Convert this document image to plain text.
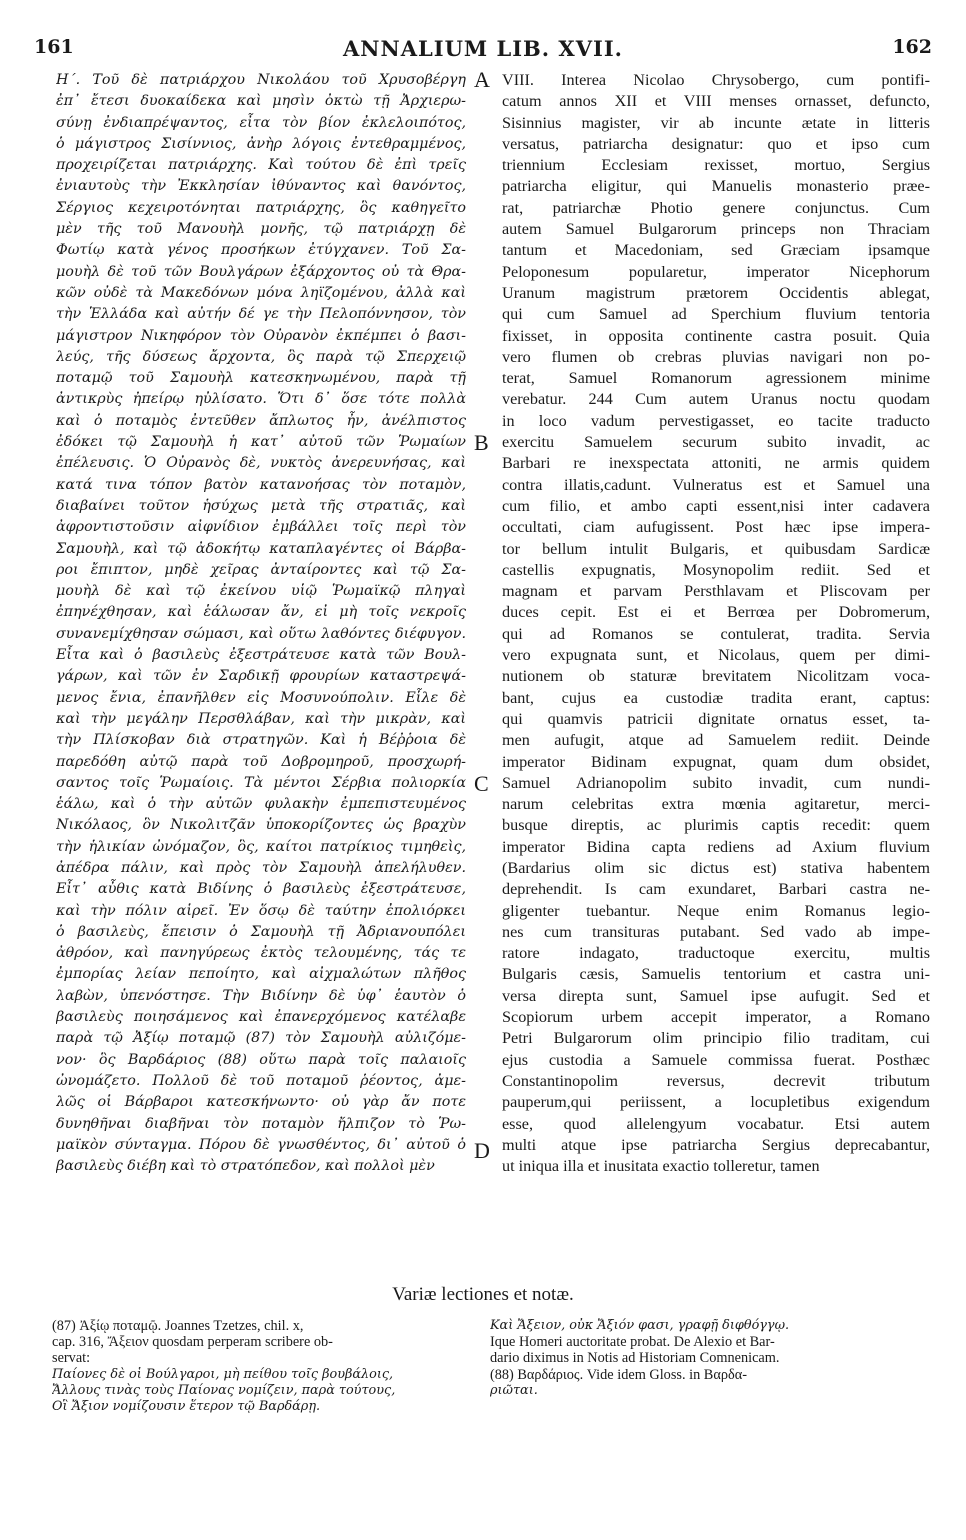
161	ANNALIUM LIB. XVII.	162
Η΄. Τοῦ δὲ πατριάρχου Νικολάου τοῦ Χρυσοβέργη
ἐπ᾽ ἔτεσι δυοκαίδεκα καὶ μησὶν ὀκτὼ τῇ Ἀρχιερω-
σύνῃ ἐνδιαπρέψαντος, εἶτα τὸν βίον ἐκλελοιπότος,
ὁ μάγιστρος Σισίννιος, ἀνὴρ λόγοις ἐντεθραμμένος,
προχειρίζεται πατριάρχης. Καὶ τούτου δὲ ἐπὶ τρεῖς
ἐνιαυτοὺς τὴν Ἐκκλησίαν ἰθύναντος καὶ θανόντος,
Σέργιος κεχειροτόνηται πατριάρχης, ὃς καθηγεῖτο
μὲν τῆς τοῦ Μανουὴλ μονῆς, τῷ πατριάρχῃ δὲ
Φωτίῳ κατὰ γένος προσήκων ἐτύγχανεν. Τοῦ Σα-
μουὴλ δὲ τοῦ τῶν Βουλγάρων ἐξάρχοντος οὐ τὰ Θρα-
κῶν οὐδὲ τὰ Μακεδόνων μόνα ληϊζομένου, ἀλλὰ καὶ
τὴν Ἑλλάδα καὶ αὐτήν δέ γε τὴν Πελοπόννησον, τὸν
μάγιστρον Νικηφόρον τὸν Οὐρανὸν ἐκπέμπει ὁ βασι-
λεύς, τῆς δύσεως ἄρχοντα, ὃς παρὰ τῷ Σπερχειῷ
ποταμῷ τοῦ Σαμουὴλ κατεσκηνωμένου, παρὰ τῇ
ἀντικρὺς ἠπείρῳ ηὐλίσατο. Ὅτι δ᾽ ὅσε τότε πολλὰ
καὶ ὁ ποταμὸς ἐντεῦθεν ἄπλωτος ἦν, ἀνέλπιστος
ἐδόκει τῷ Σαμουὴλ ἡ κατ᾽ αὐτοῦ τῶν Ῥωμαίων
ἐπέλευσις. Ὁ Οὐρανὸς δὲ, νυκτὸς ἀνερευνήσας, καὶ
κατά τινα τόπον βατὸν κατανοήσας τὸν ποταμὸν,
διαβαίνει τοῦτον ἡσύχως μετὰ τῆς στρατιᾶς, καὶ
ἀφροντιστοῦσιν αἰφνίδιον ἐμβάλλει τοῖς περὶ τὸν
Σαμουὴλ, καὶ τῷ ἀδοκήτῳ καταπλαγέντες οἱ Βάρβα-
ροι ἔπιπτον, μηδὲ χεῖρας ἀνταίροντες καὶ τῷ Σα-
μουὴλ δὲ καὶ τῷ ἐκείνου υἱῷ Ῥωμαϊκῷ πληγαὶ
ἐπηνέχθησαν, καὶ ἑάλωσαν ἄν, εἰ μὴ τοῖς νεκροῖς
συνανεμίχθησαν σώμασι, καὶ οὕτω λαθόντες διέφυγον.
Εἶτα καὶ ὁ βασιλεὺς ἐξεστράτευσε κατὰ τῶν Βουλ-
γάρων, καὶ τῶν ἐν Σαρδικῇ φρουρίων καταστρεψά-
μενος ἔνια, ἐπανῆλθεν εἰς Μοσυνούπολιν. Εἷλε δὲ
καὶ τὴν μεγάλην Περσθλάβαν, καὶ τὴν μικρὰν, καὶ
τὴν Πλίσκοβαν διὰ στρατηγῶν. Καὶ ἡ Βέῤῥοια δὲ
παρεδόθη αὐτῷ παρὰ τοῦ Δοβρομηροῦ, προσχωρή-
σαντος τοῖς Ῥωμαίοις. Τὰ μέντοι Σέρβια πολιορκία
ἑάλω, καὶ ὁ τὴν αὐτῶν φυλακὴν ἐμπεπιστευμένος
Νικόλαος, ὃν Νικολιτζᾶν ὑποκορίζοντες ὡς βραχὺν
τὴν ἡλικίαν ὠνόμαζον, ὃς, καίτοι πατρίκιος τιμηθεὶς,
ἀπέδρα πάλιν, καὶ πρὸς τὸν Σαμουὴλ ἀπελήλυθεν.
Εἶτ᾽ αὖθις κατὰ Βιδίνης ὁ βασιλεὺς ἐξεστράτευσε,
καὶ τὴν πόλιν αἱρεῖ. Ἐν ὅσῳ δὲ ταύτην ἐπολιόρκει
ὁ βασιλεὺς, ἔπεισιν ὁ Σαμουὴλ τῇ Ἀδριανουπόλει
ἀθρόον, καὶ πανηγύρεως ἐκτὸς τελουμένης, τάς τε
ἐμπορίας λείαν πεποίητο, καὶ αἰχμαλώτων πλῆθος
λαβὼν, ὑπενόστησε. Τὴν Βιδίνην δὲ ὑφ᾽ ἑαυτὸν ὁ
βασιλεὺς ποιησάμενος καὶ ἐπανερχόμενος κατέλαβε
παρὰ τῷ Ἀξίῳ ποταμῷ (87) τὸν Σαμουὴλ αὐλιζόμε-
νον· ὃς Βαρδάριος (88) οὕτω παρὰ τοῖς παλαιοῖς
ὠνομάζετο. Πολλοῦ δὲ τοῦ ποταμοῦ ῥέοντος, ἀμε-
λῶς οἱ Βάρβαροι κατεσκήνωντο· οὐ γὰρ ἄν ποτε
δυνηθῆναι διαβῆναι τὸν ποταμὸν ἤλπιζον τὸ Ῥω-
μαϊκὸν σύνταγμα. Πόρου δὲ γνωσθέντος, δι᾽ αὐτοῦ ὁ
βασιλεὺς διέβη καὶ τὸ στρατόπεδον, καὶ πολλοὶ μὲν
VIII. Interea Nicolao Chrysobergo, cum pontifi-
catum annos XII et VIII menses ornasset, defuncto,
Sisinnius magister, vir ab incunte ætate in litteris
versatus, patriarcha designatur: quo et ipso cum
triennium Ecclesiam rexisset, mortuo, Sergius
patriarcha eligitur, qui Manuelis monasterio præe-
rat, patriarchæ Photio genere conjunctus. Cum
autem Samuel Bulgarorum princeps non Thraciam
tantum et Macedoniam, sed Græciam ipsamque
Peloponesum popularetur, imperator Nicephorum
Uranum magistrum prætorem Occidentis ablegat,
qui cum Samuel ad Sperchium fluvium tentoria
fixisset, in opposita continente castra posuit. Quia
vero flumen ob crebras pluvias navigari non po-
terat, Samuel Romanorum agressionem minime
verebatur. 244 Cum autem Uranus noctu quodam
in loco vadum pervestigasset, eo tacite traducto
exercitu Samuelem securum subito invadit, ac
Barbari re inexspectata attoniti, ne armis quidem
contra illatis,cadunt. Vulneratus est et Samuel una
cum filio, et ambo capti essent,nisi inter cadavera
occultati, ciam aufugissent. Post hæc ipse impera-
tor bellum intulit Bulgaris, et quibusdam Sardicæ
castellis expugnatis, Mosynopolim rediit. Sed et
magnam et parvam Persthlavam et Pliscovam per
duces cepit. Est ei et Berrœa per Dobromerum,
qui ad Romanos se contulerat, tradita. Servia
vero expugnata sunt, et Nicolaus, quem per dimi-
nutionem ob staturæ brevitatem Nicolitzam voca-
bant, cujus ea custodiæ tradita erant, captus:
qui quamvis patricii dignitate ornatus esset, ta-
men aufugit, atque ad Samuelem rediit. Deinde
imperator Bidinam expugnat, quam dum obsidet,
Samuel Adrianopolim subito invadit, cum nundi-
narum celebritas extra mœnia agitaretur, merci-
busque direptis, ac plurimis captis recedit: quem
imperator Bidina capta rediens ad Axium fluvium
(Bardarius olim sic dictus est) stativa habentem
deprehendit. Is cam exundaret, Barbari castra ne-
gligenter tuebantur. Neque enim Romanus legio-
nes cum transituras putabant. Sed vado ab impe-
ratore indagato, traductoque exercitu, multis
Bulgaris cæsis, Samuelis tentorium et castra uni-
versa direpta sunt, Samuel ipse aufugit. Sed et
Scopiorum urbem accepit imperator, a Romano
Petri Bulgarorum olim principio filio traditam, cui
ejus custodia a Samuele commissa fuerat. Posthæc
Constantinopolim reversus, decrevit tributum
pauperum,qui periissent, a locupletibus exigendum
esse, quod allelengyum vocabatur. Etsi autem
multi atque ipse patriarcha Sergius deprecabantur,
ut iniqua illa et inusitata exactio tolleretur, tamen
A
B
C
D
Variæ lectiones et notæ.
(87) Ἀξίῳ ποταμῷ. Joannes Tzetzes, chil. x,
cap. 316, Ἄξειον quosdam perperam scribere ob-
servat:
Παίονες δὲ οἱ Βούλγαροι, μὴ πείθου τοῖς βουβάλοις,
Ἄλλους τινὰς τοὺς Παίονας νομίζειν, παρὰ τούτους,
Οἳ Ἄξιον νομίζουσιν ἕτερον τῷ Βαρδάρῃ.
Καὶ Ἄξειον, οὐκ Ἄξιόν φασι, γραφῇ διφθόγγῳ.
Ique Homeri auctoritate probat. De Alexio et Bar-
dario diximus in Notis ad Historiam Comnenicam.
(88) Βαρδάριος. Vide idem Gloss. in Βαρδα-
ριῶται.
